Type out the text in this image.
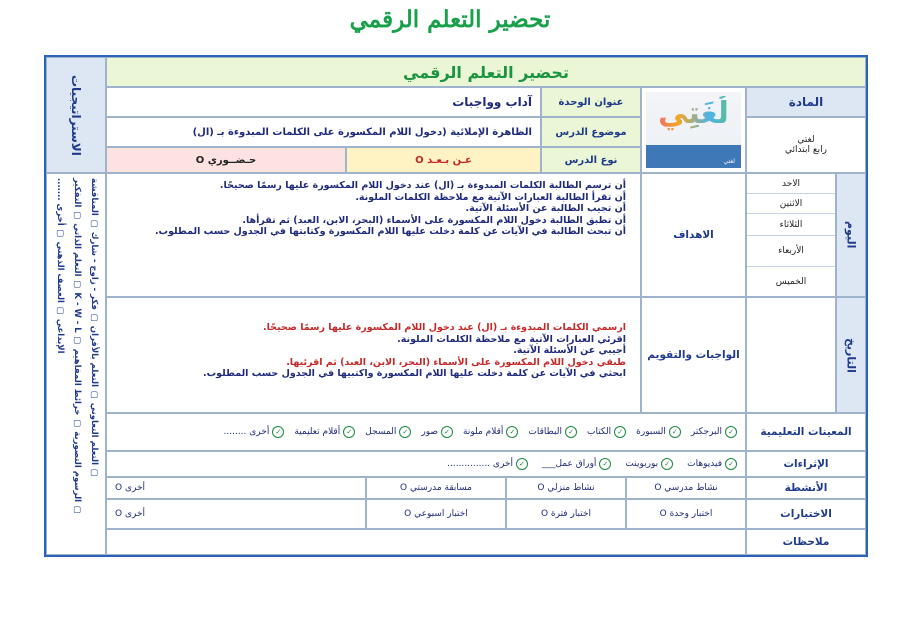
تحضير التعلم الرقمي
الاستراتيجيات
▢ التعلم التعاوني ▢ التعلم بالأقران ▢ فكر - زاوج - شارك ▢ المناقشة
▢ الرسوم التصورية ▢ خرائط المفاهيم ▢ K - W - L ▢ التعلم الذاتي ▢ التفكير
الإبداعي ▢ العصف الذهني ▢ أخرى .......
تحضير التعلم الرقمي
المادة
لغتي
رابع ابتدائي
لُغَتِي
لغتي
عنوان الوحدة
آداب وواجبات
موضوع الدرس
الظاهرة الإملائية (دخول اللام المكسورة على الكلمات المبدوءة بـ (ال)
نوع الدرس
عـن بـعـد O
حـضــوري O
اليوم
التاريخ
الاحد
الاثنين
الثلاثاء
الأربعاء
الخميس
الاهداف
أن ترسم الطالبة الكلمات المبدوءة بـ (ال) عند دخول اللام المكسورة عليها رسمًا صحيحًا.
أن تقرأ الطالبة العبارات الآتية مع ملاحظة الكلمات الملونة.
أن تجيب الطالبة عن الأسئلة الآتية.
أن تطبق الطالبة دخول اللام المكسورة على الأسماء (البحر، الابن، العبد) ثم تقرأها.
أن تبحث الطالبة في الآيات عن كلمة دخلت عليها اللام المكسورة وكتابتها في الجدول حسب المطلوب.
الواجبات والتقويم
ارسمي الكلمات المبدوءة بـ (ال) عند دخول اللام المكسورة عليها رسمًا صحيحًا.
اقرئي العبارات الآتية مع ملاحظة الكلمات الملونة.
أجيبي عن الأسئلة الآتية.
طبقي دخول اللام المكسورة على الأسماء (البحر، الابن، العبد) ثم اقرئيها.
ابحثي في الآيات عن كلمة دخلت عليها اللام المكسورة واكتبيها في الجدول حسب المطلوب.
المعينات التعليمية
✓البرجكتر
✓السبورة
✓الكتاب
✓البطاقات
✓أقلام ملونة
✓صور
✓المسجل
✓أقلام تعليمية
✓أخرى ........
الإثراءات
✓فيديوهات
✓بوربوينت
✓أوراق عمل___
✓أخرى ...............
الأنشطة
نشاط مدرسي O
نشاط منزلي O
مسابقة مدرستي O
أخرى O
الاختبارات
اختبار وحدة O
اختبار فترة O
اختبار اسبوعي O
أخرى O
ملاحظات
